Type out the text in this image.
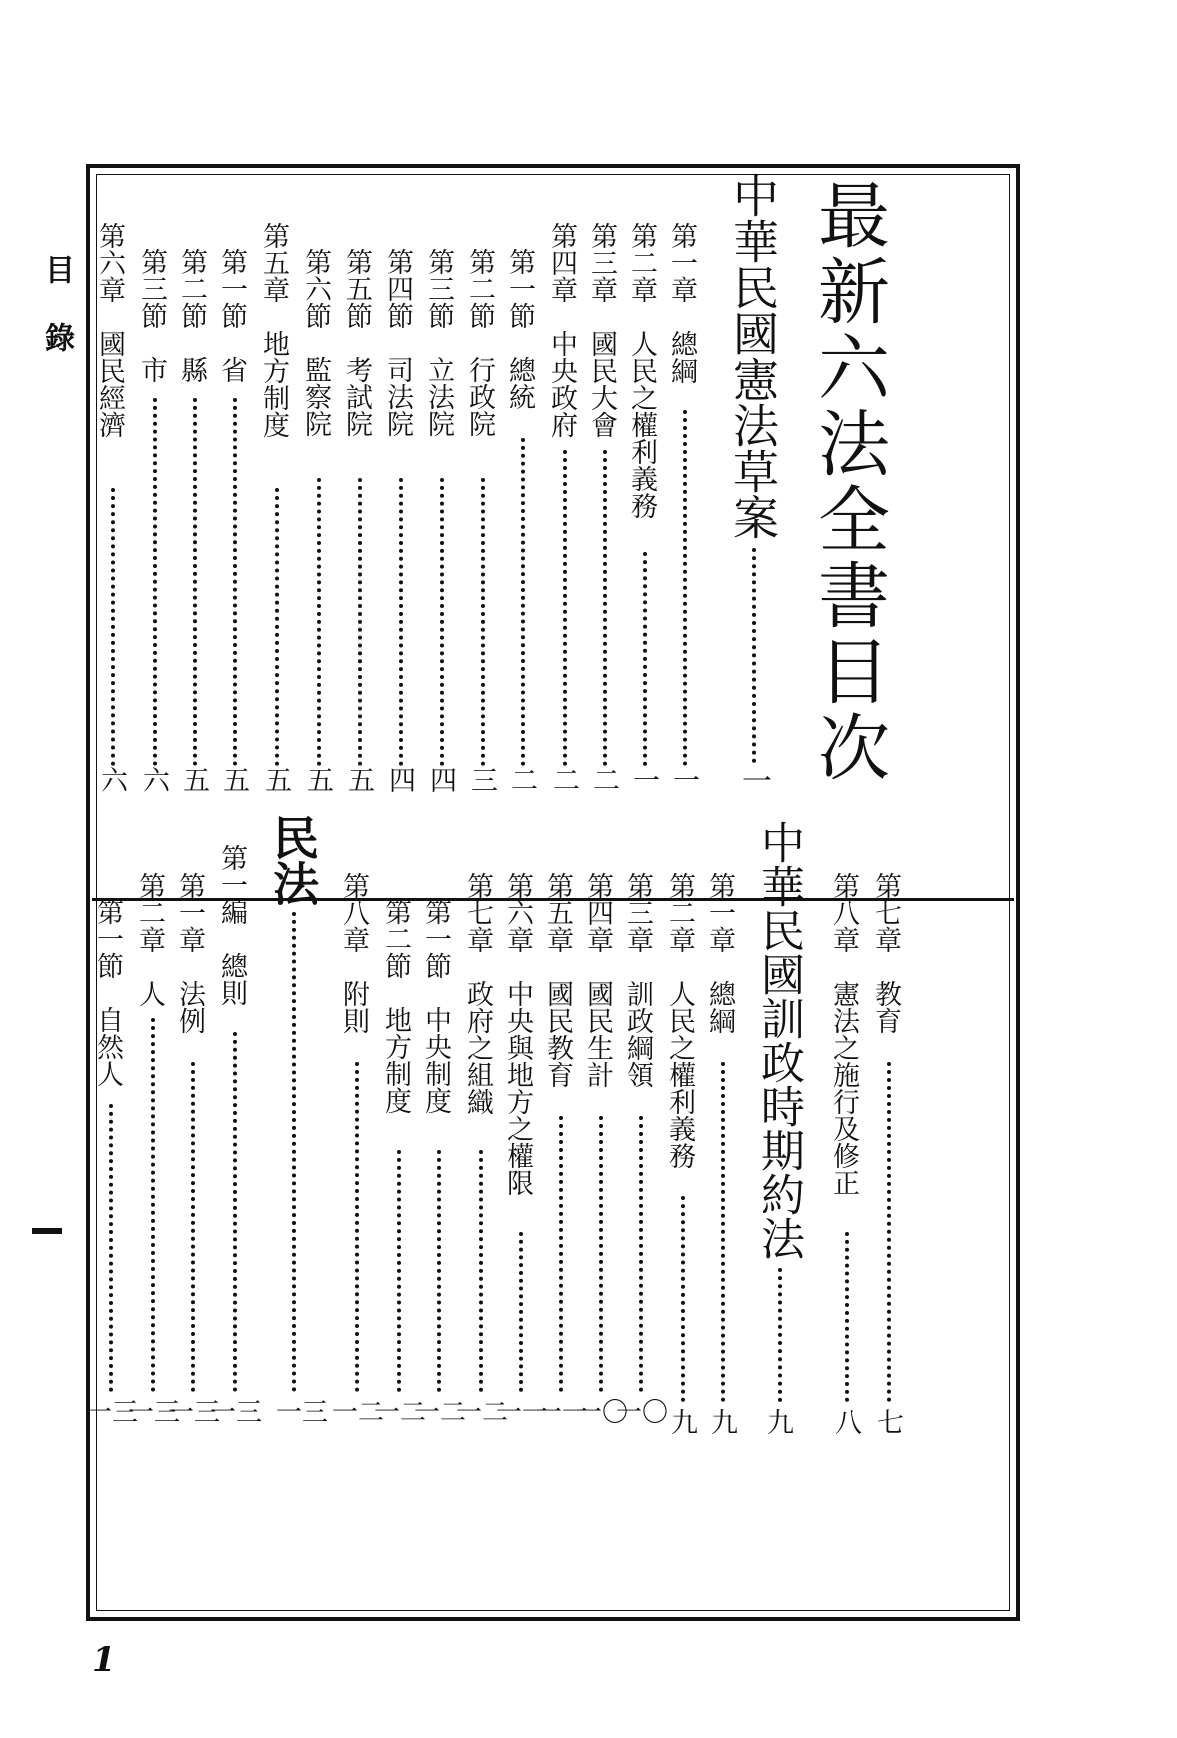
目錄
1
最新六法全書目次
中華民國憲法草案
一
第一章　總綱
一
第二章　人民之權利義務
一
第三章　國民大會
二
第四章　中央政府
二
第一節　總統
二
第二節　行政院
三
第三節　立法院
四
第四節　司法院
四
第五節　考試院
五
第六節　監察院
五
第五章　地方制度
五
第一節　省
五
第二節　縣
五
第三節　市
六
第六章　國民經濟
六
第七章　教育
七
第八章　憲法之施行及修正
八
中華民國訓政時期約法
九
第一章　總綱
九
第二章　人民之權利義務
九
第三章　訓政綱領
一〇
第四章　國民生計
一〇
第五章　國民教育
一一
第六章　中央與地方之權限
一一
第七章　政府之組織
一二
第一節　中央制度
一二
第二節　地方制度
一二
第八章　附則
一二
民法
一三
第一編　總則
一三
第一章　法例
一三
第二章　人
一三
第一節　自然人
一三
